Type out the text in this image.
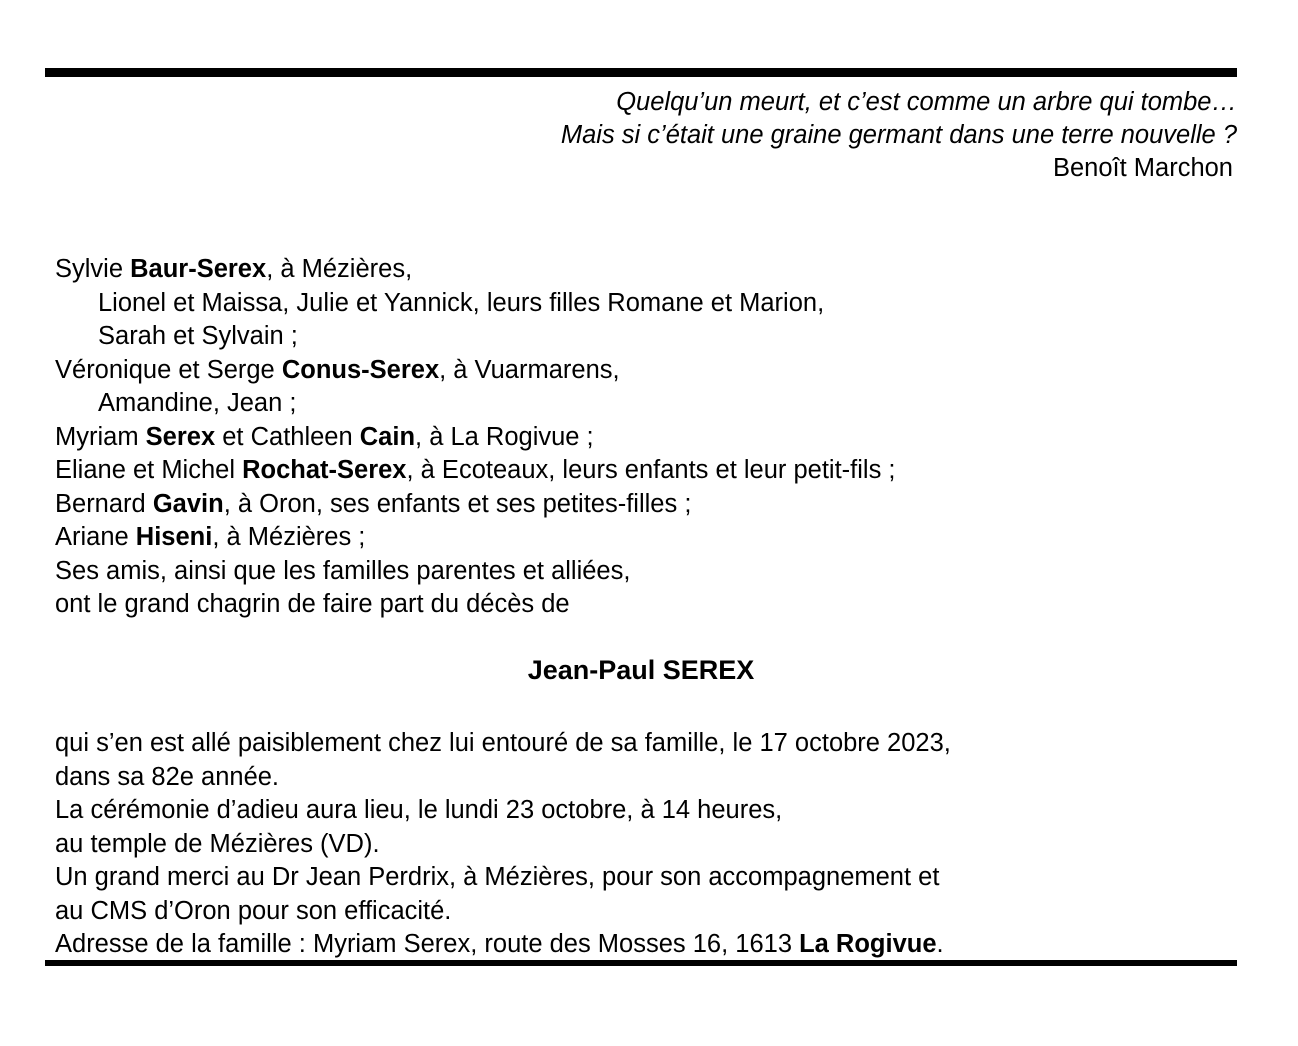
Quelqu’un meurt, et c’est comme un arbre qui tombe…
Mais si c’était une graine germant dans une terre nouvelle ?
Benoît Marchon
Sylvie Baur-Serex, à Mézières,
Lionel et Maissa, Julie et Yannick, leurs filles Romane et Marion,
Sarah et Sylvain ;
Véronique et Serge Conus-Serex, à Vuarmarens,
Amandine, Jean ;
Myriam Serex et Cathleen Cain, à La Rogivue ;
Eliane et Michel Rochat-Serex, à Ecoteaux, leurs enfants et leur petit-fils ;
Bernard Gavin, à Oron, ses enfants et ses petites-filles ;
Ariane Hiseni, à Mézières ;
Ses amis, ainsi que les familles parentes et alliées,
ont le grand chagrin de faire part du décès de
Jean-Paul SEREX
qui s’en est allé paisiblement chez lui entouré de sa famille, le 17 octobre 2023,
dans sa 82e année.
La cérémonie d’adieu aura lieu, le lundi 23 octobre, à 14 heures,
au temple de Mézières (VD).
Un grand merci au Dr Jean Perdrix, à Mézières, pour son accompagnement et
au CMS d’Oron pour son efficacité.
Adresse de la famille : Myriam Serex, route des Mosses 16, 1613 La Rogivue.
